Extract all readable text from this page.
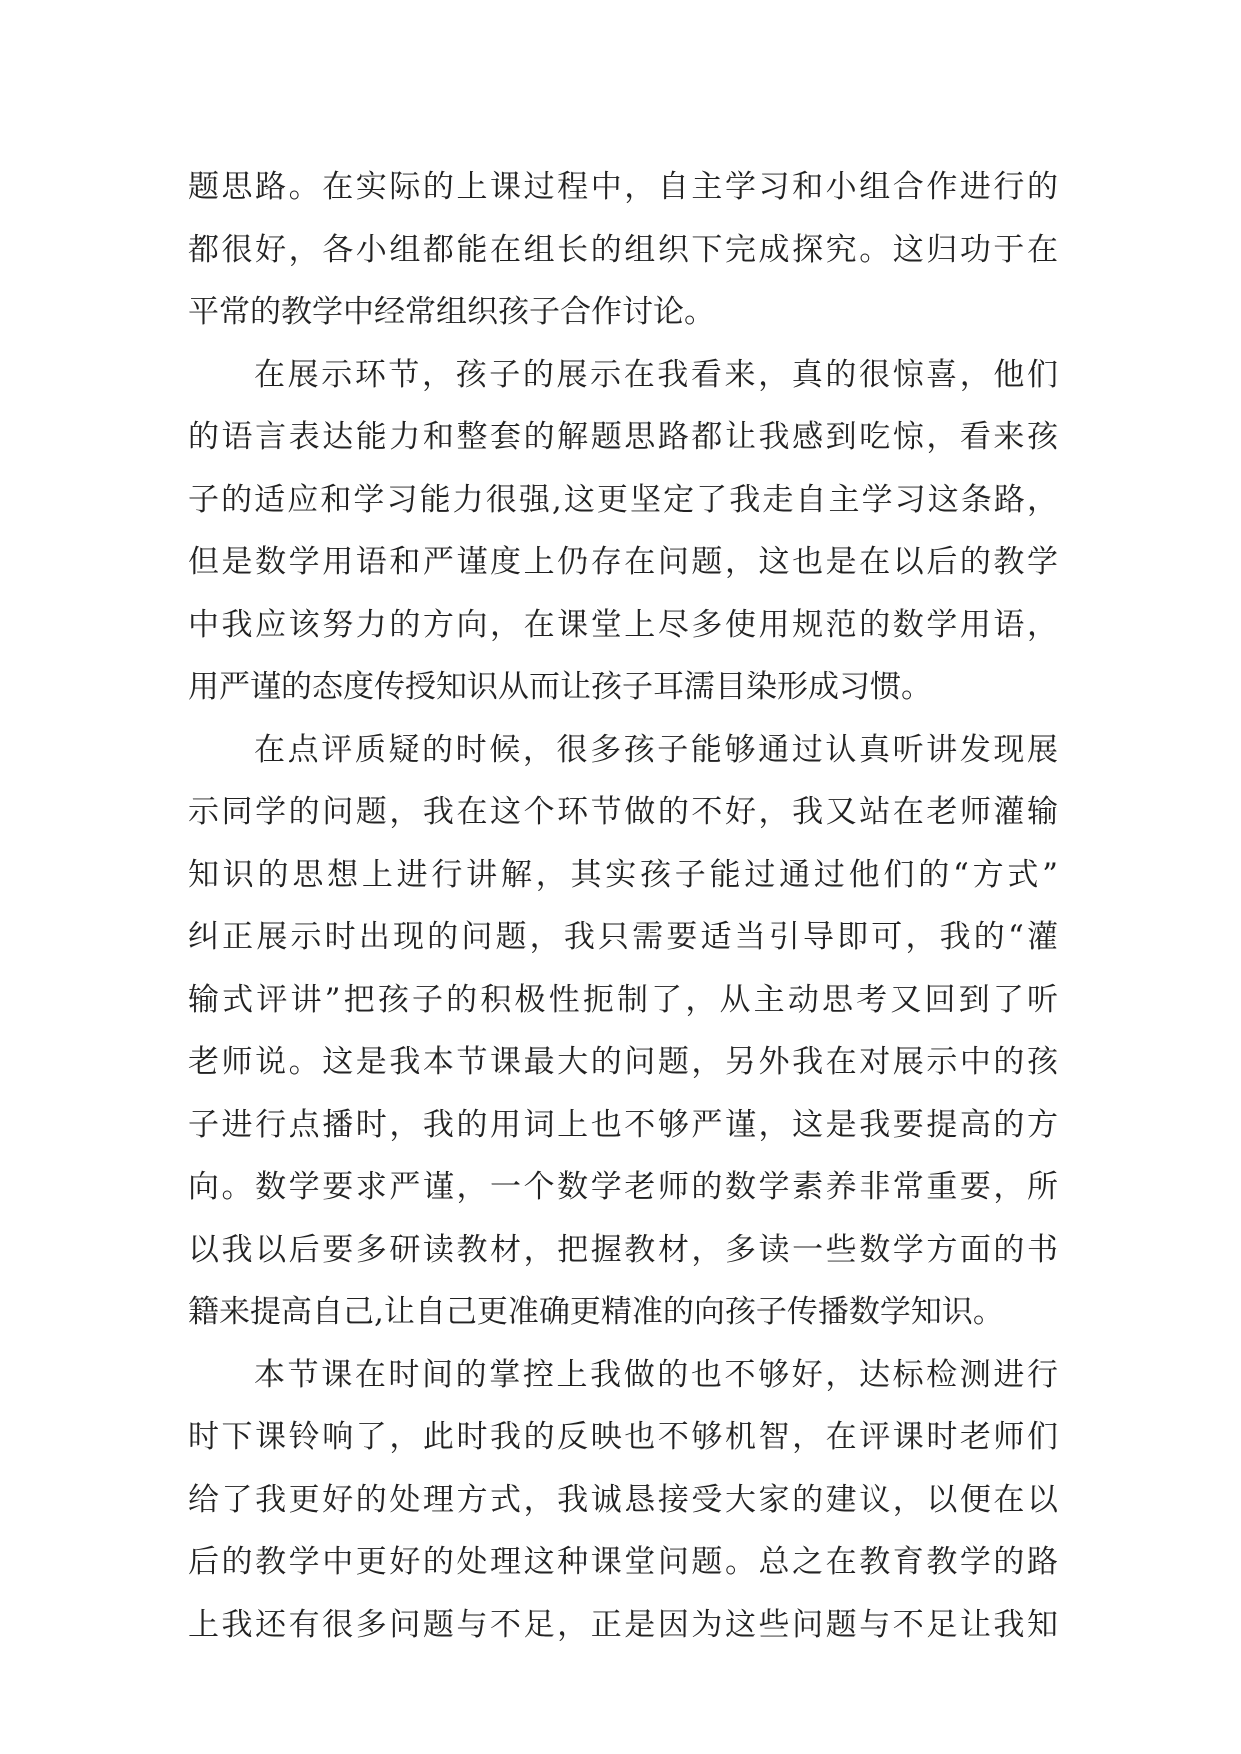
题思路。在实际的上课过程中，自主学习和小组合作进行的
都很好，各小组都能在组长的组织下完成探究。这归功于在
平常的教学中经常组织孩子合作讨论。
在展示环节，孩子的展示在我看来，真的很惊喜，他们
的语言表达能力和整套的解题思路都让我感到吃惊，看来孩
子的适应和学习能力很强,这更坚定了我走自主学习这条路，
但是数学用语和严谨度上仍存在问题，这也是在以后的教学
中我应该努力的方向，在课堂上尽多使用规范的数学用语，
用严谨的态度传授知识从而让孩子耳濡目染形成习惯。
在点评质疑的时候，很多孩子能够通过认真听讲发现展
示同学的问题，我在这个环节做的不好，我又站在老师灌输
知识的思想上进行讲解，其实孩子能过通过他们的“方式”
纠正展示时出现的问题，我只需要适当引导即可，我的“灌
输式评讲”把孩子的积极性扼制了，从主动思考又回到了听
老师说。这是我本节课最大的问题，另外我在对展示中的孩
子进行点播时，我的用词上也不够严谨，这是我要提高的方
向。数学要求严谨，一个数学老师的数学素养非常重要，所
以我以后要多研读教材，把握教材，多读一些数学方面的书
籍来提高自己,让自己更准确更精准的向孩子传播数学知识。
本节课在时间的掌控上我做的也不够好，达标检测进行
时下课铃响了，此时我的反映也不够机智，在评课时老师们
给了我更好的处理方式，我诚恳接受大家的建议，以便在以
后的教学中更好的处理这种课堂问题。总之在教育教学的路
上我还有很多问题与不足，正是因为这些问题与不足让我知
